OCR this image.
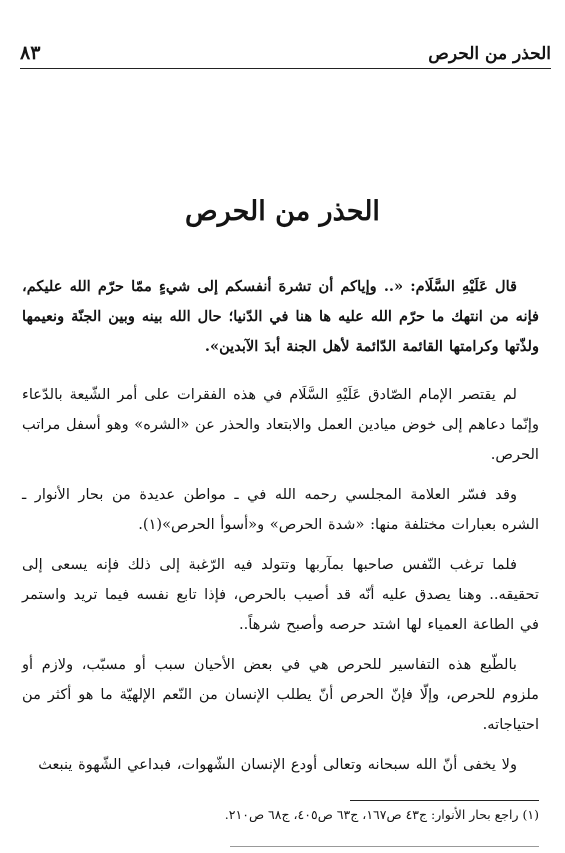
الحذر من الحرص
٨٣
الحذر من الحرص

قال عَلَيْهِ السَّلَام: «.. وإياكم أن تشرهَ أنفسكم إلى شيءٍ ممّا حرّم الله عليكم، فإنه من انتهك ما حرّم الله عليه ها هنا في الدّنيا؛ حال الله بينه وبين الجنّة ونعيمها ولذّتها وكرامتها القائمة الدّائمة لأهل الجنة أبدَ الآبدين».

لم يقتصر الإمام الصّادق عَلَيْهِ السَّلَام في هذه الفقرات على أمر الشّيعة بالدّعاء وإنّما دعاهم إلى خوض ميادين العمل والابتعاد والحذر عن «الشره» وهو أسفل مراتب الحرص.

وقد فسّر العلامة المجلسي رحمه الله في ـ مواطن عديدة من بحار الأنوار ـ الشره بعبارات مختلفة منها: «شدة الحرص» و«أسوأ الحرص»(١).

فلما ترغب النّفس صاحبها بمآربها وتتولد فيه الرّغبة إلى ذلك فإنه يسعى إلى تحقيقه.. وهنا يصدق عليه أنّه قد أصيب بالحرص، فإذا تابع نفسه فيما تريد واستمر في الطاعة العمياء لها اشتد حرصه وأصبح شرهاً..

بالطّبع هذه التفاسير للحرص هي في بعض الأحيان سبب أو مسبّب، ولازم أو ملزوم للحرص، وإلّا فإنّ الحرص أنّ يطلب الإنسان من النّعم الإلهيّة ما هو أكثر من احتياجاته.

ولا يخفى أنّ الله سبحانه وتعالى أودع الإنسان الشّهوات، فبداعي الشّهوة ينبعث

(١) راجع بحار الأنوار: ج٤٣ ص١٦٧، ج٦٣ ص٤٠٥، ج٦٨ ص٢١٠.
